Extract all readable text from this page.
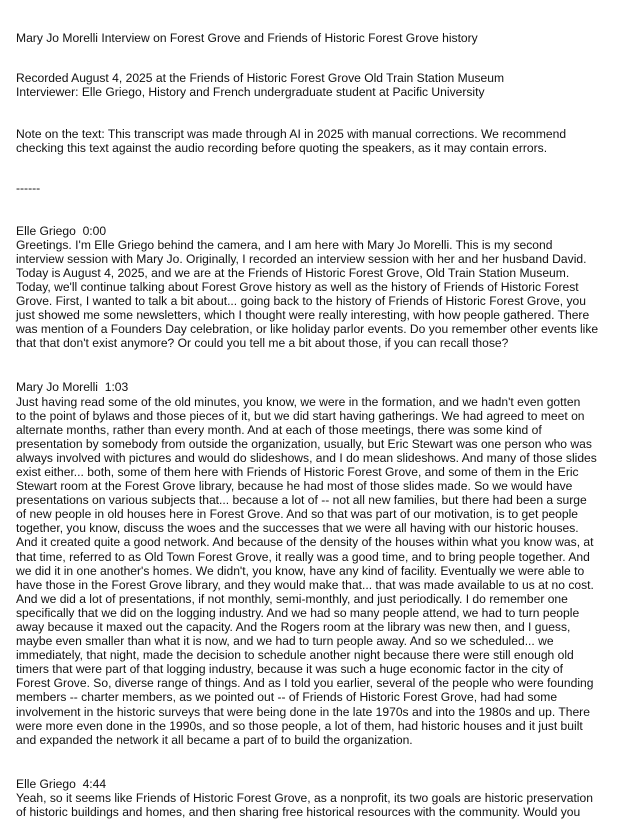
Mary Jo Morelli Interview on Forest Grove and Friends of Historic Forest Grove history

Recorded August 4, 2025 at the Friends of Historic Forest Grove Old Train Station Museum
Interviewer: Elle Griego, History and French undergraduate student at Pacific University
Note on the text: This transcript was made through AI in 2025 with manual corrections. We recommend
checking this text against the audio recording before quoting the speakers, as it may contain errors.

------

Elle Griego 0:00
Greetings. I'm Elle Griego behind the camera, and I am here with Mary Jo Morelli. This is my second
interview session with Mary Jo. Originally, I recorded an interview session with her and her husband David.
Today is August 4, 2025, and we are at the Friends of Historic Forest Grove, Old Train Station Museum.
Today, we'll continue talking about Forest Grove history as well as the history of Friends of Historic Forest
Grove. First, I wanted to talk a bit about... going back to the history of Friends of Historic Forest Grove, you
just showed me some newsletters, which I thought were really interesting, with how people gathered. There
was mention of a Founders Day celebration, or like holiday parlor events. Do you remember other events like
that that don't exist anymore? Or could you tell me a bit about those, if you can recall those?
Mary Jo Morelli 1:03
Just having read some of the old minutes, you know, we were in the formation, and we hadn't even gotten
to the point of bylaws and those pieces of it, but we did start having gatherings. We had agreed to meet on
alternate months, rather than every month. And at each of those meetings, there was some kind of
presentation by somebody from outside the organization, usually, but Eric Stewart was one person who was
always involved with pictures and would do slideshows, and I do mean slideshows. And many of those slides
exist either... both, some of them here with Friends of Historic Forest Grove, and some of them in the Eric
Stewart room at the Forest Grove library, because he had most of those slides made. So we would have
presentations on various subjects that... because a lot of -- not all new families, but there had been a surge
of new people in old houses here in Forest Grove. And so that was part of our motivation, is to get people
together, you know, discuss the woes and the successes that we were all having with our historic houses.
And it created quite a good network. And because of the density of the houses within what you know was, at
that time, referred to as Old Town Forest Grove, it really was a good time, and to bring people together. And
we did it in one another's homes. We didn't, you know, have any kind of facility. Eventually we were able to
have those in the Forest Grove library, and they would make that... that was made available to us at no cost.
And we did a lot of presentations, if not monthly, semi-monthly, and just periodically. I do remember one
specifically that we did on the logging industry. And we had so many people attend, we had to turn people
away because it maxed out the capacity. And the Rogers room at the library was new then, and I guess,
maybe even smaller than what it is now, and we had to turn people away. And so we scheduled... we
immediately, that night, made the decision to schedule another night because there were still enough old
timers that were part of that logging industry, because it was such a huge economic factor in the city of
Forest Grove. So, diverse range of things. And as I told you earlier, several of the people who were founding
members -- charter members, as we pointed out -- of Friends of Historic Forest Grove, had had some
involvement in the historic surveys that were being done in the late 1970s and into the 1980s and up. There
were more even done in the 1990s, and so those people, a lot of them, had historic houses and it just built
and expanded the network it all became a part of to build the organization.
Elle Griego 4:44
Yeah, so it seems like Friends of Historic Forest Grove, as a nonprofit, its two goals are historic preservation
of historic buildings and homes, and then sharing free historical resources with the community. Would you
